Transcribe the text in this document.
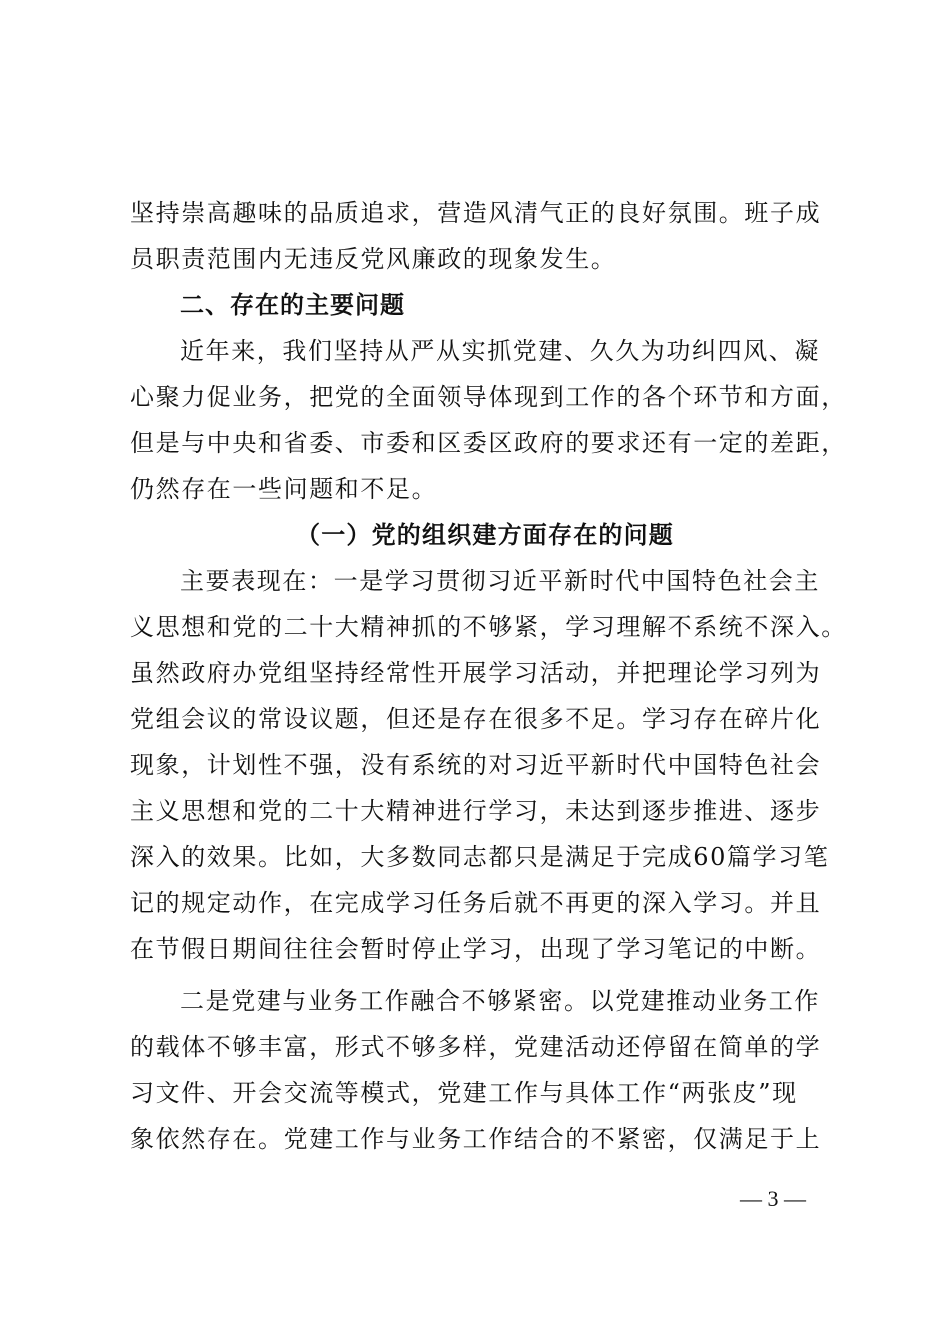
坚持崇高趣味的品质追求，营造风清气正的良好氛围。班子成
员职责范围内无违反党风廉政的现象发生。
二、存在的主要问题
近年来，我们坚持从严从实抓党建、久久为功纠四风、凝
心聚力促业务，把党的全面领导体现到工作的各个环节和方面，
但是与中央和省委、市委和区委区政府的要求还有一定的差距，
仍然存在一些问题和不足。
（一）党的组织建方面存在的问题
主要表现在：一是学习贯彻习近平新时代中国特色社会主
义思想和党的二十大精神抓的不够紧，学习理解不系统不深入。
虽然政府办党组坚持经常性开展学习活动，并把理论学习列为
党组会议的常设议题，但还是存在很多不足。学习存在碎片化
现象，计划性不强，没有系统的对习近平新时代中国特色社会
主义思想和党的二十大精神进行学习，未达到逐步推进、逐步
深入的效果。比如，大多数同志都只是满足于完成60篇学习笔
记的规定动作，在完成学习任务后就不再更的深入学习。并且
在节假日期间往往会暂时停止学习，出现了学习笔记的中断。
二是党建与业务工作融合不够紧密。以党建推动业务工作
的载体不够丰富，形式不够多样，党建活动还停留在简单的学
习文件、开会交流等模式，党建工作与具体工作“两张皮”现
象依然存在。党建工作与业务工作结合的不紧密，仅满足于上
— 3 —
